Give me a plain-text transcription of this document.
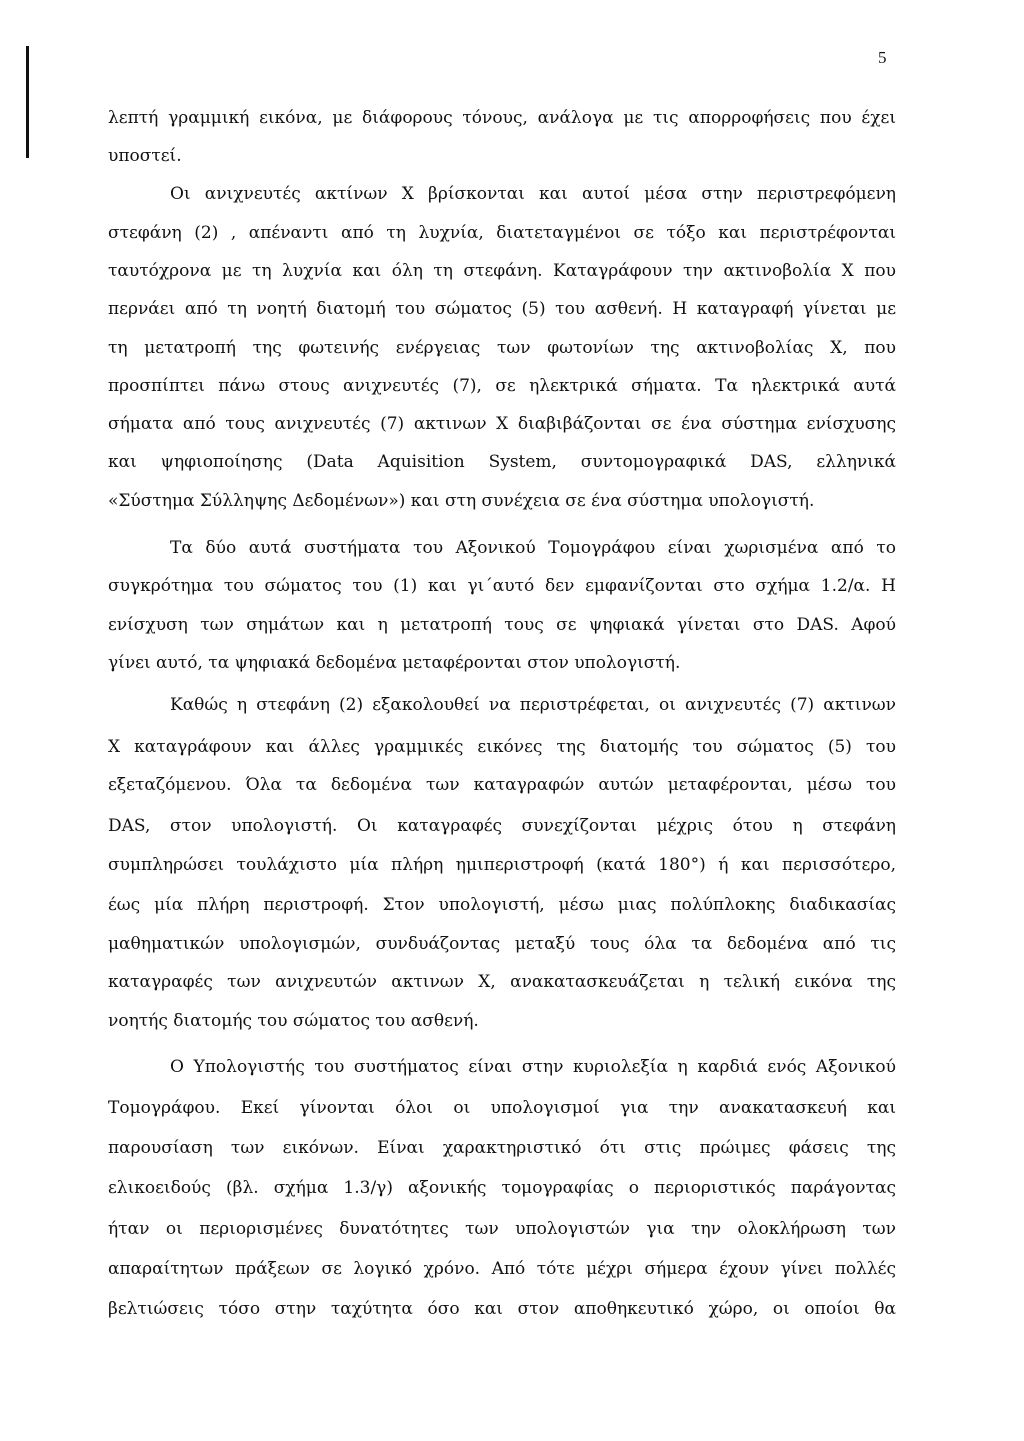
5
λεπτή γραμμική εικόνα, με διάφορους τόνους, ανάλογα με τις απορροφήσεις που έχει
υποστεί.
Οι ανιχνευτές ακτίνων Χ βρίσκονται και αυτοί μέσα στην περιστρεφόμενη
στεφάνη (2) , απέναντι από τη λυχνία, διατεταγμένοι σε τόξο και περιστρέφονται
ταυτόχρονα με τη λυχνία και όλη τη στεφάνη. Καταγράφουν την ακτινοβολία Χ που
περνάει από τη νοητή διατομή του σώματος (5) του ασθενή. Η καταγραφή γίνεται με
τη μετατροπή της φωτεινής ενέργειας των φωτονίων της ακτινοβολίας Χ, που
προσπίπτει πάνω στους ανιχνευτές (7), σε ηλεκτρικά σήματα. Τα ηλεκτρικά αυτά
σήματα από τους ανιχνευτές (7) ακτινων Χ διαβιβάζονται σε ένα σύστημα ενίσχυσης
και ψηφιοποίησης (Data Aquisition System, συντομογραφικά DAS, ελληνικά
«Σύστημα Σύλληψης Δεδομένων») και στη συνέχεια σε ένα σύστημα υπολογιστή.
Τα δύο αυτά συστήματα του Αξονικού Τομογράφου είναι χωρισμένα από το
συγκρότημα του σώματος του (1) και γι΄αυτό δεν εμφανίζονται στο σχήμα 1.2/α. Η
ενίσχυση των σημάτων και η μετατροπή τους σε ψηφιακά γίνεται στο DAS. Αφού
γίνει αυτό, τα ψηφιακά δεδομένα μεταφέρονται στον υπολογιστή.
Καθώς η στεφάνη (2) εξακολουθεί να περιστρέφεται, οι ανιχνευτές (7) ακτινων
Χ καταγράφουν και άλλες γραμμικές εικόνες της διατομής του σώματος (5) του
εξεταζόμενου. Όλα τα δεδομένα των καταγραφών αυτών μεταφέρονται, μέσω του
DAS, στον υπολογιστή. Οι καταγραφές συνεχίζονται μέχρις ότου η στεφάνη
συμπληρώσει τουλάχιστο μία πλήρη ημιπεριστροφή (κατά 180°) ή και περισσότερο,
έως μία πλήρη περιστροφή. Στον υπολογιστή, μέσω μιας πολύπλοκης διαδικασίας
μαθηματικών υπολογισμών, συνδυάζοντας μεταξύ τους όλα τα δεδομένα από τις
καταγραφές των ανιχνευτών ακτινων Χ, ανακατασκευάζεται η τελική εικόνα της
νοητής διατομής του σώματος του ασθενή.
Ο Υπολογιστής του συστήματος είναι στην κυριολεξία η καρδιά ενός Αξονικού
Τομογράφου. Εκεί γίνονται όλοι οι υπολογισμοί για την ανακατασκευή και
παρουσίαση των εικόνων. Είναι χαρακτηριστικό ότι στις πρώιμες φάσεις της
ελικοειδούς (βλ. σχήμα 1.3/γ) αξονικής τομογραφίας ο περιοριστικός παράγοντας
ήταν οι περιορισμένες δυνατότητες των υπολογιστών για την ολοκλήρωση των
απαραίτητων πράξεων σε λογικό χρόνο. Από τότε μέχρι σήμερα έχουν γίνει πολλές
βελτιώσεις τόσο στην ταχύτητα όσο και στον αποθηκευτικό χώρο, οι οποίοι θα
